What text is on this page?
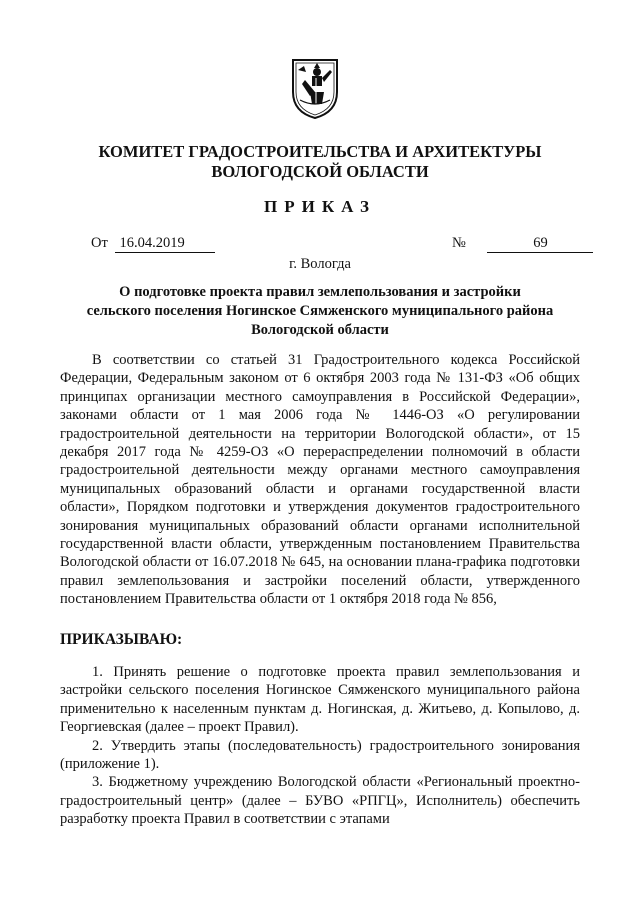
КОМИТЕТ ГРАДОСТРОИТЕЛЬСТВА И АРХИТЕКТУРЫ
ВОЛОГОДСКОЙ ОБЛАСТИ
ПРИКАЗ
От 16.04.2019	№	69
г. Вологда
О подготовке проекта правил землепользования и застройки
сельского поселения Ногинское Сямженского муниципального района
Вологодской области
В соответствии со статьей 31 Градостроительного кодекса Российской Федерации, Федеральным законом от 6 октября 2003 года № 131-ФЗ «Об общих принципах организации местного самоуправления в Российской Федерации», законами области от 1 мая 2006 года № 1446-ОЗ «О регулировании градостроительной деятельности на территории Вологодской области», от 15 декабря 2017 года № 4259-ОЗ «О перераспределении полномочий в области градостроительной деятельности между органами местного самоуправления муниципальных образований области и органами государственной власти области», Порядком подготовки и утверждения документов градостроительного зонирования муниципальных образований области органами исполнительной государственной власти области, утвержденным постановлением Правительства Вологодской области от 16.07.2018 № 645, на основании плана-графика подготовки правил землепользования и застройки поселений области, утвержденного постановлением Правительства области от 1 октября 2018 года № 856,
ПРИКАЗЫВАЮ:
1. Принять решение о подготовке проекта правил землепользования и застройки сельского поселения Ногинское Сямженского муниципального района применительно к населенным пунктам д. Ногинская, д. Житьево, д. Копылово, д. Георгиевская (далее – проект Правил).
2. Утвердить этапы (последовательность) градостроительного зонирования (приложение 1).
3. Бюджетному учреждению Вологодской области «Региональный проектно-градостроительный центр» (далее – БУВО «РПГЦ», Исполнитель) обеспечить разработку проекта Правил в соответствии с этапами
